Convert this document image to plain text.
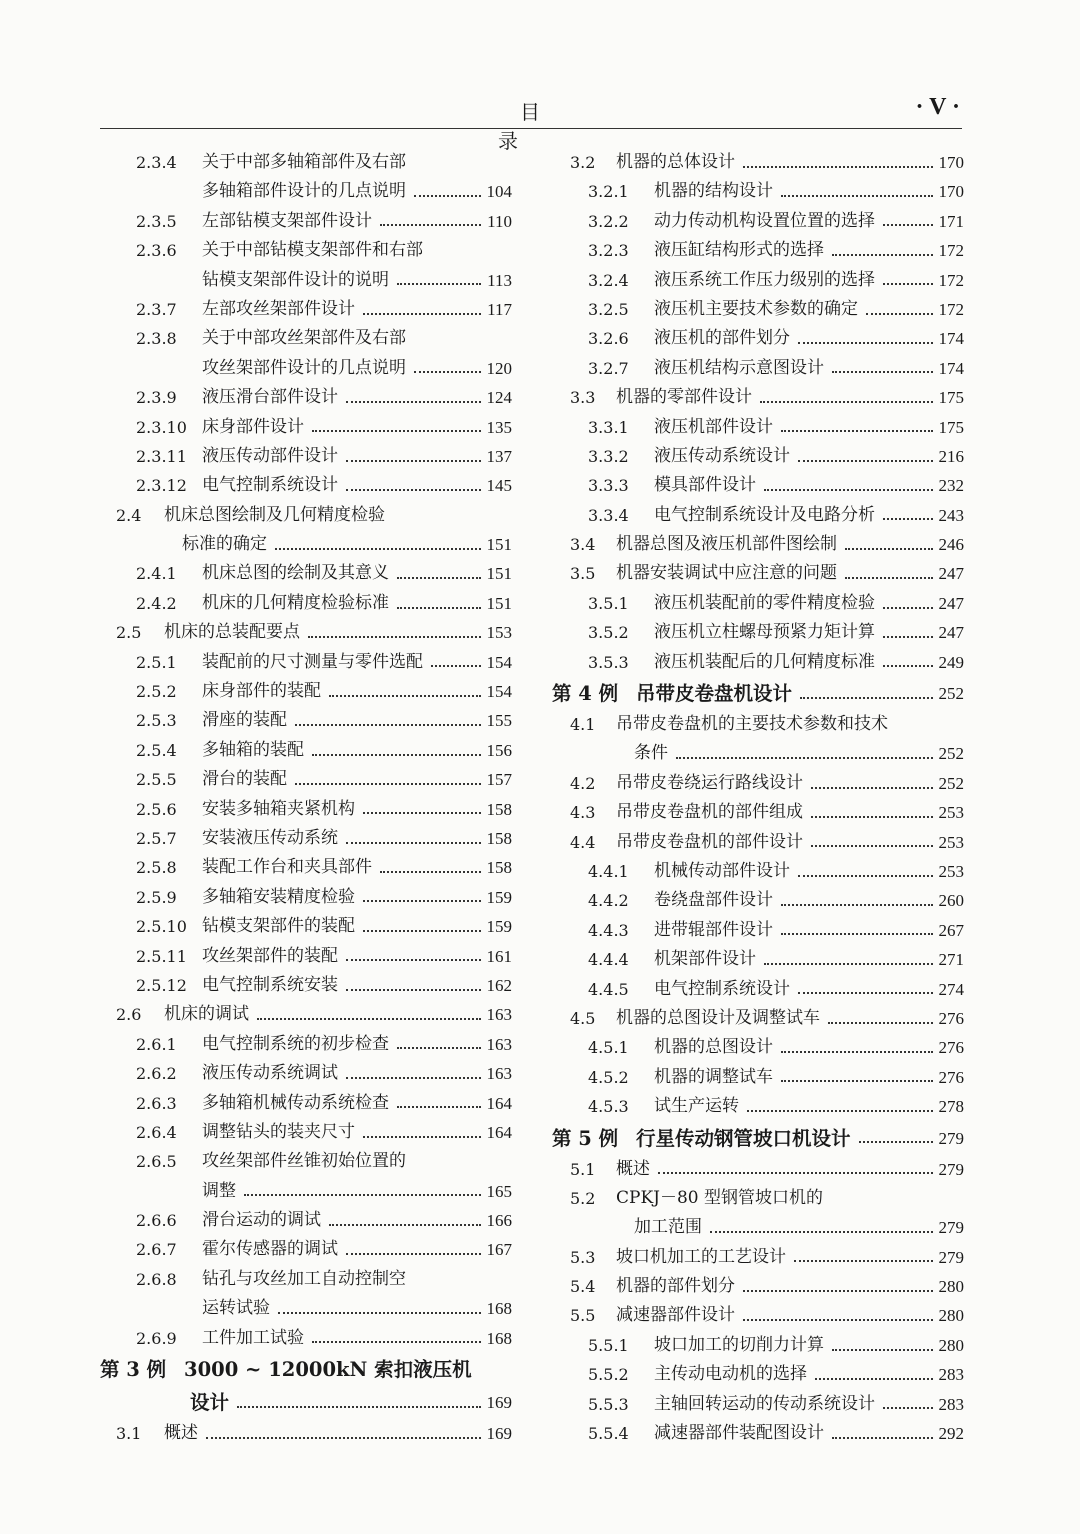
目 录
· V ·
2.3.4 关于中部多轴箱部件及右部
多轴箱部件设计的几点说明	104
2.3.5 左部钻模支架部件设计	110
2.3.6 关于中部钻模支架部件和右部
钻模支架部件设计的说明	113
2.3.7 左部攻丝架部件设计	117
2.3.8 关于中部攻丝架部件及右部
攻丝架部件设计的几点说明	120
2.3.9 液压滑台部件设计	124
2.3.10 床身部件设计	135
2.3.11 液压传动部件设计	137
2.3.12 电气控制系统设计	145
2.4 机床总图绘制及几何精度检验
标准的确定	151
2.4.1 机床总图的绘制及其意义	151
2.4.2 机床的几何精度检验标准	151
2.5 机床的总装配要点	153
2.5.1 装配前的尺寸测量与零件选配	154
2.5.2 床身部件的装配	154
2.5.3 滑座的装配	155
2.5.4 多轴箱的装配	156
2.5.5 滑台的装配	157
2.5.6 安装多轴箱夹紧机构	158
2.5.7 安装液压传动系统	158
2.5.8 装配工作台和夹具部件	158
2.5.9 多轴箱安装精度检验	159
2.5.10 钻模支架部件的装配	159
2.5.11 攻丝架部件的装配	161
2.5.12 电气控制系统安装	162
2.6 机床的调试	163
2.6.1 电气控制系统的初步检查	163
2.6.2 液压传动系统调试	163
2.6.3 多轴箱机械传动系统检查	164
2.6.4 调整钻头的装夹尺寸	164
2.6.5 攻丝架部件丝锥初始位置的
调整	165
2.6.6 滑台运动的调试	166
2.6.7 霍尔传感器的调试	167
2.6.8 钻孔与攻丝加工自动控制空
运转试验	168
2.6.9 工件加工试验	168
第 3 例 3000 ~ 12000kN 索扣液压机
设计	169
3.1 概述	169
3.2 机器的总体设计	170
3.2.1 机器的结构设计	170
3.2.2 动力传动机构设置位置的选择	171
3.2.3 液压缸结构形式的选择	172
3.2.4 液压系统工作压力级别的选择	172
3.2.5 液压机主要技术参数的确定	172
3.2.6 液压机的部件划分	174
3.2.7 液压机结构示意图设计	174
3.3 机器的零部件设计	175
3.3.1 液压机部件设计	175
3.3.2 液压传动系统设计	216
3.3.3 模具部件设计	232
3.3.4 电气控制系统设计及电路分析	243
3.4 机器总图及液压机部件图绘制	246
3.5 机器安装调试中应注意的问题	247
3.5.1 液压机装配前的零件精度检验	247
3.5.2 液压机立柱螺母预紧力矩计算	247
3.5.3 液压机装配后的几何精度标准	249
第 4 例 吊带皮卷盘机设计	252
4.1 吊带皮卷盘机的主要技术参数和技术
条件	252
4.2 吊带皮卷绕运行路线设计	252
4.3 吊带皮卷盘机的部件组成	253
4.4 吊带皮卷盘机的部件设计	253
4.4.1 机械传动部件设计	253
4.4.2 卷绕盘部件设计	260
4.4.3 进带辊部件设计	267
4.4.4 机架部件设计	271
4.4.5 电气控制系统设计	274
4.5 机器的总图设计及调整试车	276
4.5.1 机器的总图设计	276
4.5.2 机器的调整试车	276
4.5.3 试生产运转	278
第 5 例 行星传动钢管坡口机设计	279
5.1 概述	279
5.2 CPKJ－80 型钢管坡口机的
加工范围	279
5.3 坡口机加工的工艺设计	279
5.4 机器的部件划分	280
5.5 减速器部件设计	280
5.5.1 坡口加工的切削力计算	280
5.5.2 主传动电动机的选择	283
5.5.3 主轴回转运动的传动系统设计	283
5.5.4 减速器部件装配图设计	292
